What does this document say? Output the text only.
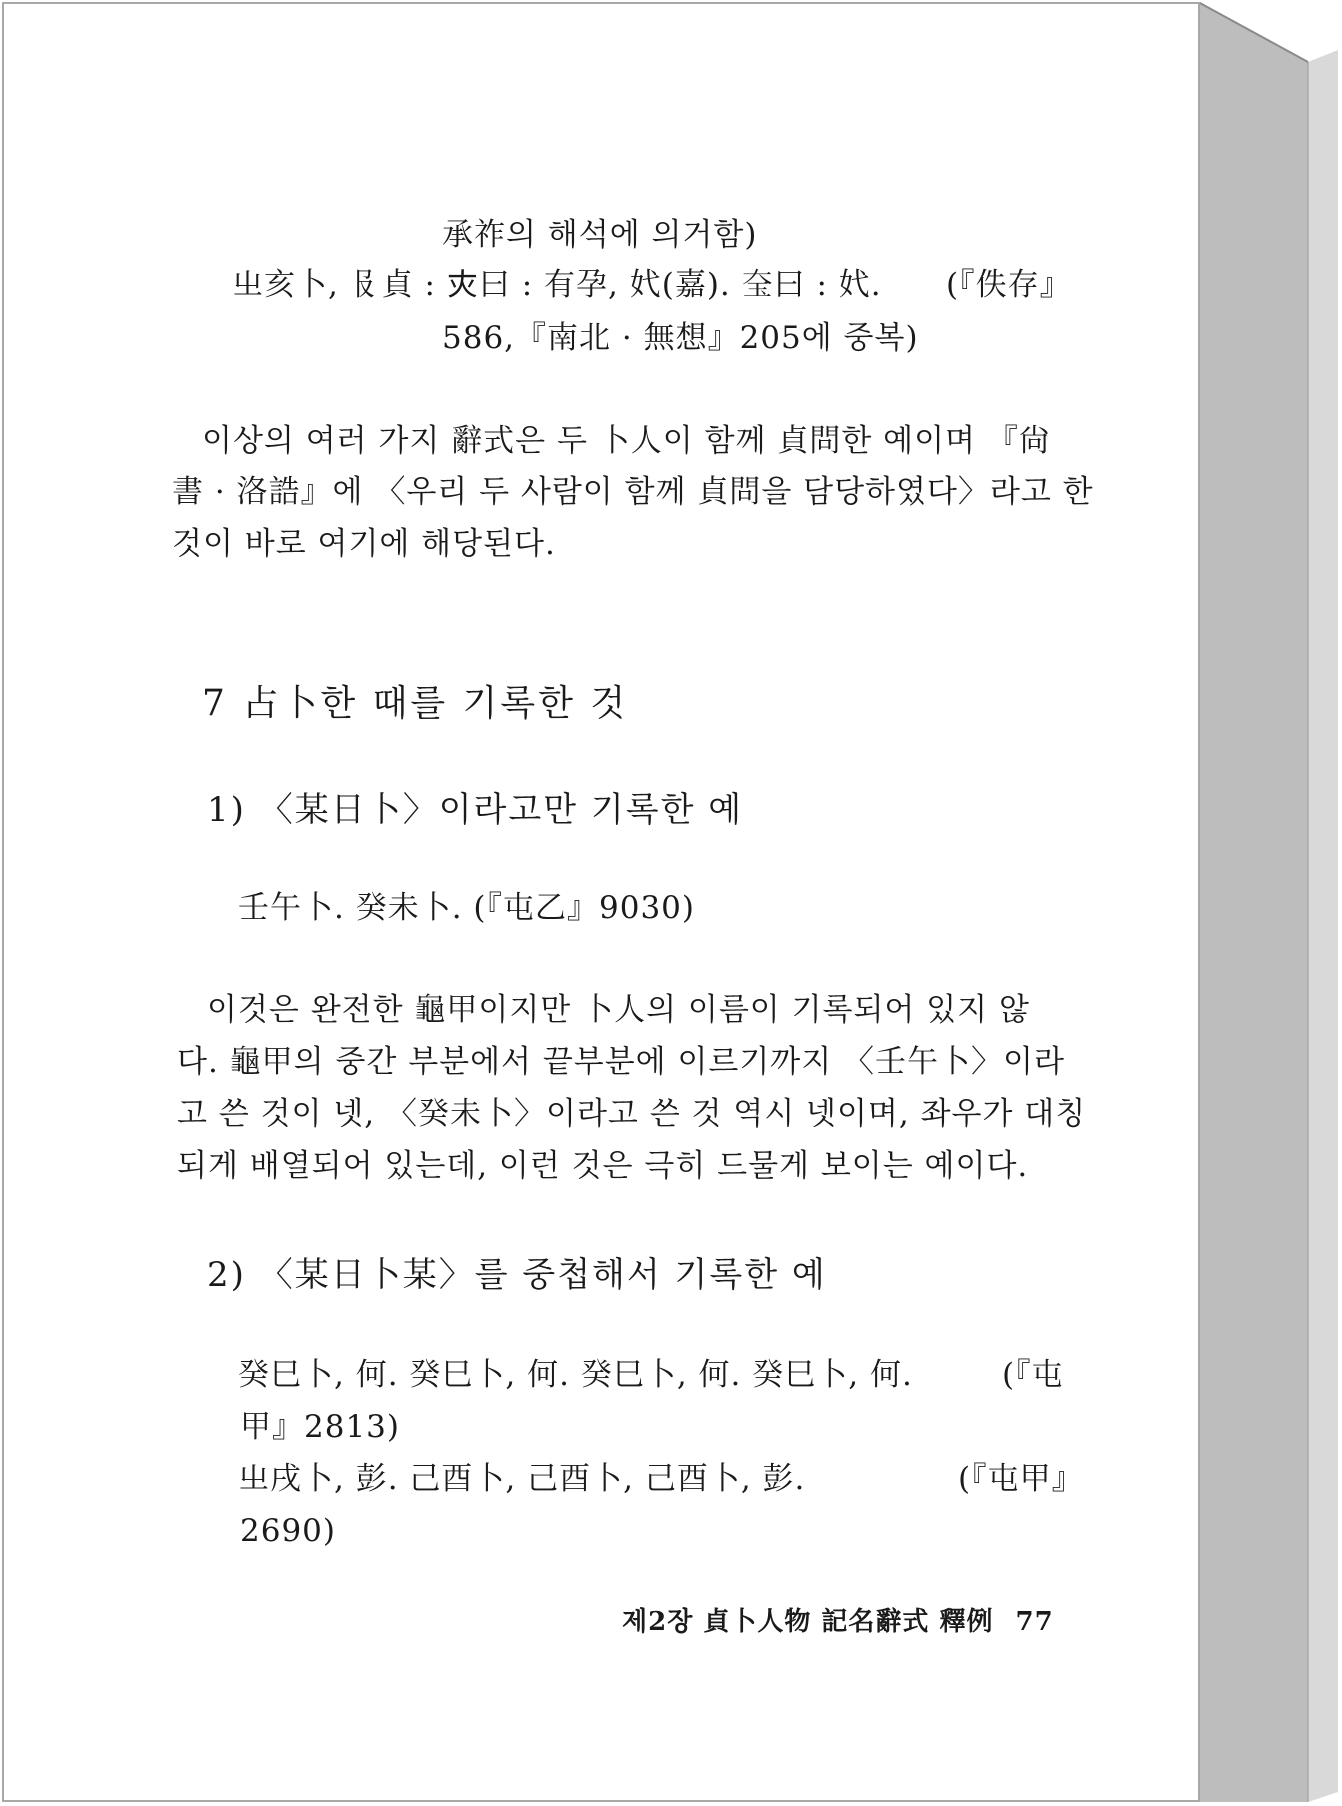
承祚의 해석에 의거함)
㞢亥卜, 𠬝貞 : 𡗜曰 : 有孕, 㚤(嘉). 𡘇曰 : 㚤. (『佚存』
586,『南北 · 無想』205에 중복)
이상의 여러 가지 辭式은 두 卜人이 함께 貞問한 예이며 『尙
書 · 洛誥』에 〈우리 두 사람이 함께 貞問을 담당하였다〉라고 한
것이 바로 여기에 해당된다.
7 占卜한 때를 기록한 것
1) 〈某日卜〉이라고만 기록한 예
壬午卜. 癸未卜. (『屯乙』9030)
이것은 완전한 龜甲이지만 卜人의 이름이 기록되어 있지 않
다. 龜甲의 중간 부분에서 끝부분에 이르기까지 〈壬午卜〉이라
고 쓴 것이 넷, 〈癸未卜〉이라고 쓴 것 역시 넷이며, 좌우가 대칭
되게 배열되어 있는데, 이런 것은 극히 드물게 보이는 예이다.
2) 〈某日卜某〉를 중첩해서 기록한 예
癸巳卜, 何. 癸巳卜, 何. 癸巳卜, 何. 癸巳卜, 何.	(『屯
甲』2813)
㞢戌卜, 彭. 己酉卜, 己酉卜, 己酉卜, 彭.	(『屯甲』
2690)
제2장 貞卜人物 記名辭式 釋例 77
